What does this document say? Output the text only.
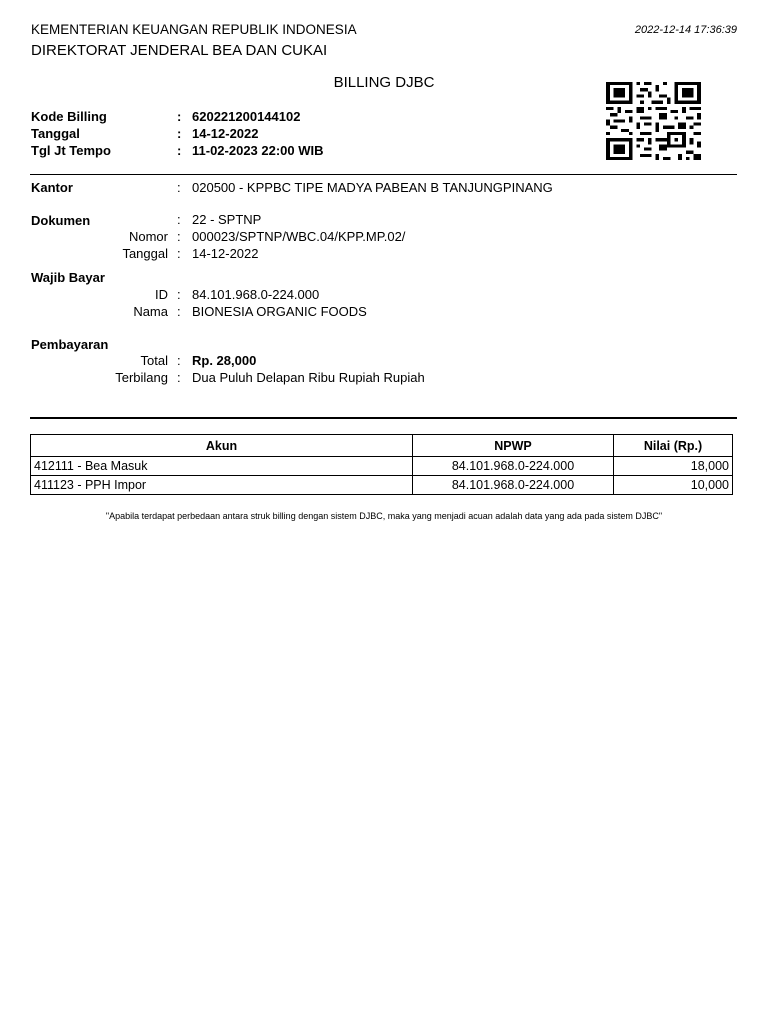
KEMENTERIAN KEUANGAN REPUBLIK INDONESIA
DIREKTORAT JENDERAL BEA DAN CUKAI
2022-12-14 17:36:39
BILLING DJBC
Kode Billing	: 620221200144102
Tanggal	: 14-12-2022
Tgl Jt Tempo	: 11-02-2023 22:00 WIB
Kantor	: 020500 - KPPBC TIPE MADYA PABEAN B TANJUNGPINANG
Dokumen	: 22 - SPTNP
Nomor : 000023/SPTNP/WBC.04/KPP.MP.02/
Tanggal : 14-12-2022
Wajib Bayar
ID : 84.101.968.0-224.000
Nama : BIONESIA ORGANIC FOODS
Pembayaran
Total : Rp. 28,000
Terbilang : Dua Puluh Delapan Ribu Rupiah Rupiah
Akun	NPWP	Nilai (Rp.)
412111 - Bea Masuk	84.101.968.0-224.000	18,000
411123 - PPH Impor	84.101.968.0-224.000	10,000
"Apabila terdapat perbedaan antara struk billing dengan sistem DJBC, maka yang menjadi acuan adalah data yang ada pada sistem DJBC"
